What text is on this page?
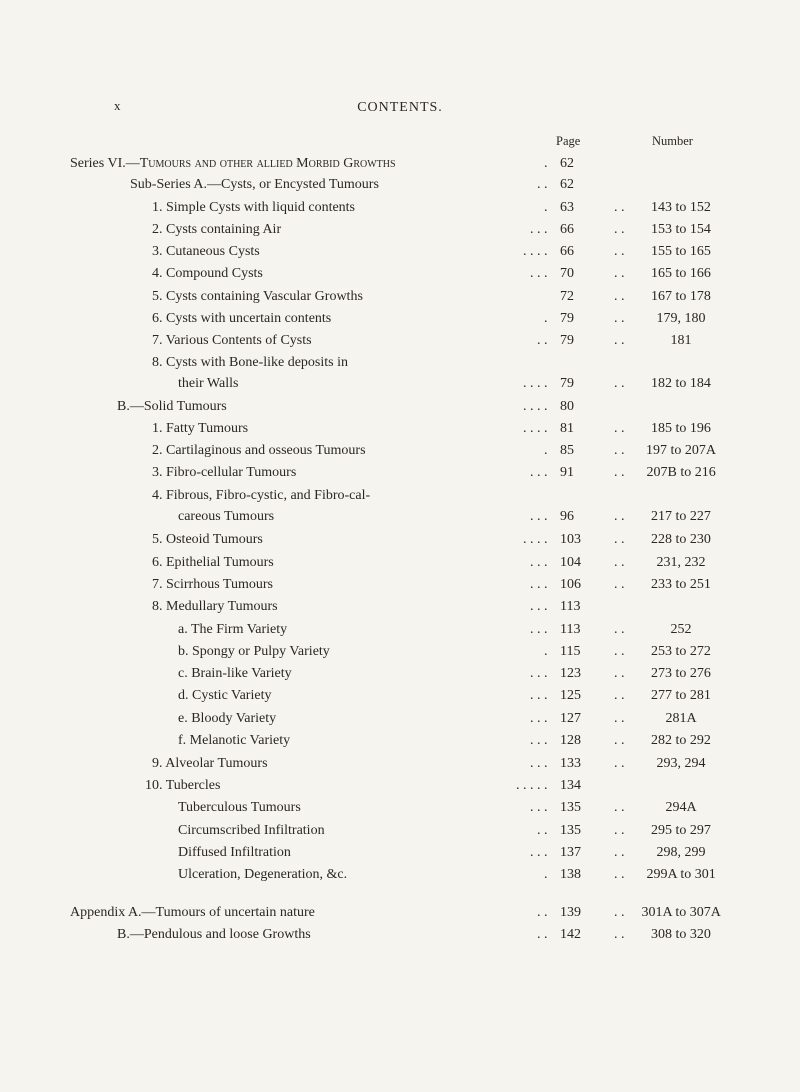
x	CONTENTS.
Page	Number
Series VI.—Tumours and other allied Morbid Growths	. 62
Sub-Series A.—Cysts, or Encysted Tumours	. . 62
1. Simple Cysts with liquid contents	. 63	. . 143 to 152
2. Cysts containing Air	. . . 66	. . 153 to 154
3. Cutaneous Cysts	. . . . 66	. . 155 to 165
4. Compound Cysts	. . . 70	. . 165 to 166
5. Cysts containing Vascular Growths	72	. . 167 to 178
6. Cysts with uncertain contents	. 79	. . 179, 180
7. Various Contents of Cysts	. . 79	. .	181
8. Cysts with Bone-like deposits in
their Walls	. . . . 79	. . 182 to 184
B.—Solid Tumours	. . . . 80
1. Fatty Tumours	. . . . 81	. . 185 to 196
2. Cartilaginous and osseous Tumours	. 85	. . 197 to 207A
3. Fibro-cellular Tumours	. . . 91	. . 207B to 216
4. Fibrous, Fibro-cystic, and Fibro-cal-
careous Tumours	. . . 96	. . 217 to 227
5. Osteoid Tumours	. . . . 103 . . 228 to 230
6. Epithelial Tumours	. . . 104 . . 231, 232
7. Scirrhous Tumours	. . . 106 . . 233 to 251
8. Medullary Tumours	. . . 113
a. The Firm Variety	. . . 113 . .	252
b. Spongy or Pulpy Variety	. 115 . . 253 to 272
c. Brain-like Variety	. . . 123 . . 273 to 276
d. Cystic Variety	. . . 125 . . 277 to 281
e. Bloody Variety	. . . 127 . .	281A
f. Melanotic Variety	. . . 128 . . 282 to 292
9. Alveolar Tumours	. . . 133 . . 293, 294
10. Tubercles	. . . . . 134
Tuberculous Tumours	. . . 135 . .	294A
Circumscribed Infiltration	. . 135 . . 295 to 297
Diffused Infiltration	. . . 137 . . 298, 299
Ulceration, Degeneration, &c.	. 138 . . 299A to 301
Appendix A.—Tumours of uncertain nature	. . 139 . . 301A to 307A
B.—Pendulous and loose Growths	. . 142 . . 308 to 320
